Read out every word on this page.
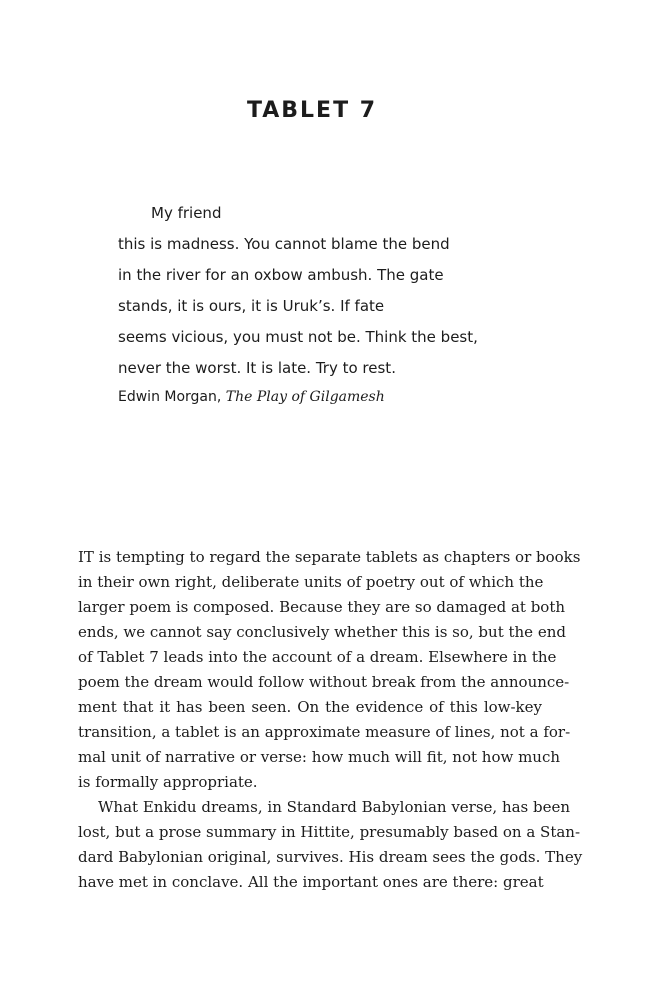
TABLET 7
My friend
this is madness. You cannot blame the bend
in the river for an oxbow ambush. The gate
stands, it is ours, it is Uruk’s. If fate
seems vicious, you must not be. Think the best,
never the worst. It is late. Try to rest.
Edwin Morgan, The Play of Gilgamesh

IT is tempting to regard the separate tablets as chapters or books
in their own right, deliberate units of poetry out of which the
larger poem is composed. Because they are so damaged at both
ends, we cannot say conclusively whether this is so, but the end
of Tablet 7 leads into the account of a dream. Elsewhere in the
poem the dream would follow without break from the announce-
ment that it has been seen. On the evidence of this low-key
transition, a tablet is an approximate measure of lines, not a for-
mal unit of narrative or verse: how much will fit, not how much
is formally appropriate.

What Enkidu dreams, in Standard Babylonian verse, has been
lost, but a prose summary in Hittite, presumably based on a Stan-
dard Babylonian original, survives. His dream sees the gods. They
have met in conclave. All the important ones are there: great
